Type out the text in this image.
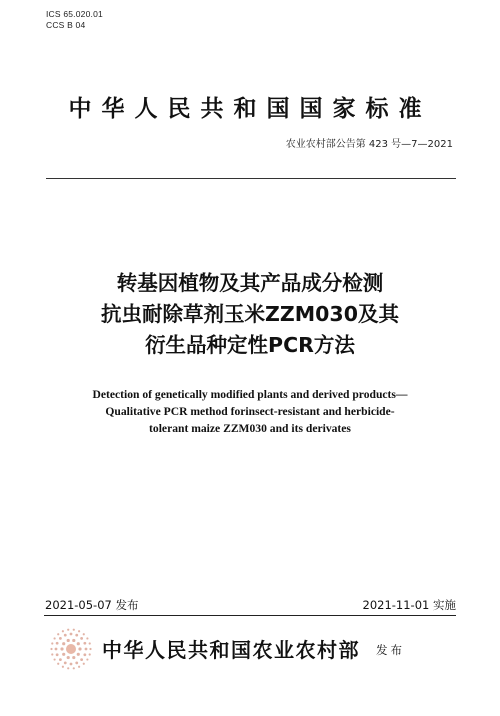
ICS 65.020.01
CCS B 04
中华人民共和国国家标准
农业农村部公告第 423 号—7—2021
转基因植物及其产品成分检测
抗虫耐除草剂玉米ZZM030及其
衍生品种定性PCR方法
Detection of genetically modified plants and derived products—
Qualitative PCR method forinsect-resistant and herbicide-
tolerant maize ZZM030 and its derivates
2021-05-07 发布	2021-11-01 实施
中华人民共和国农业农村部 发布
